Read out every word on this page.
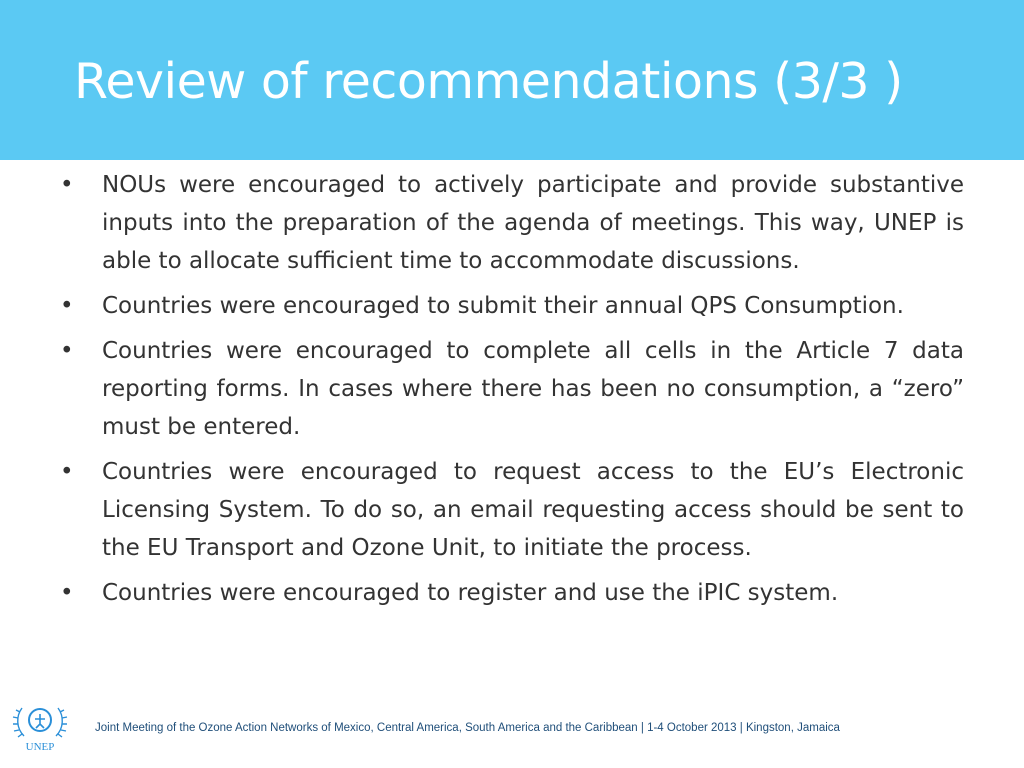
Review of recommendations (3/3 )
• NOUs were encouraged to actively participate and provide substantive inputs into the preparation of the agenda of meetings. This way, UNEP is able to allocate sufficient time to accommodate discussions.
• Countries were encouraged to submit their annual QPS Consumption.
• Countries were encouraged to complete all cells in the Article 7 data reporting forms. In cases where there has been no consumption, a “zero” must be entered.
• Countries were encouraged to request access to the EU’s Electronic Licensing System. To do so, an email requesting access should be sent to the EU Transport and Ozone Unit, to initiate the process.
• Countries were encouraged to register and use the iPIC system.
UNEP
Joint Meeting of the Ozone Action Networks of Mexico, Central America, South America and the Caribbean | 1-4 October 2013 | Kingston, Jamaica
